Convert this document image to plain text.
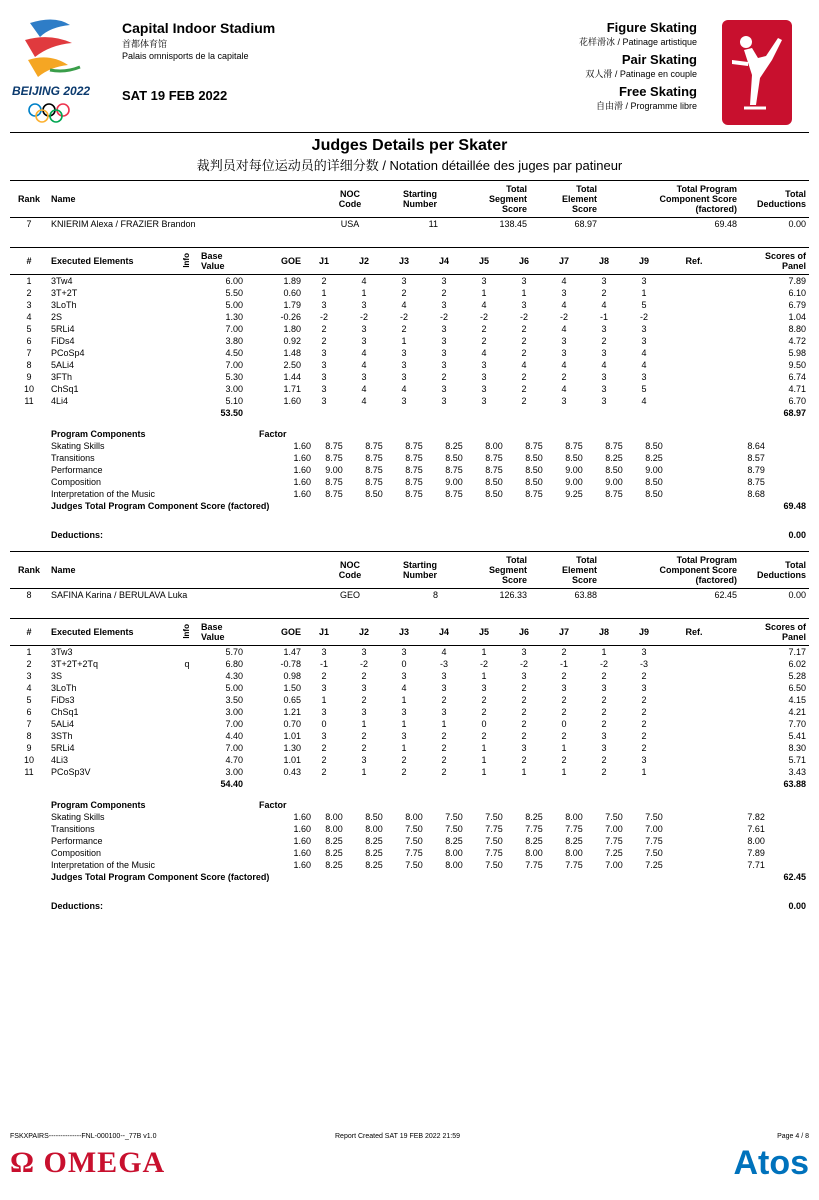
BEIJING 2022
Capital Indoor Stadium
首都体育馆
Palais omnisports de la capitale
SAT 19 FEB 2022
Figure Skating
花样滑冰 / Patinage artistique
Pair Skating
双人滑 / Patinage en couple
Free Skating
自由滑 / Programme libre
Judges Details per Skater
裁判员对每位运动员的详细分数 / Notation détaillée des juges par patineur
Rank	Name	NOC
Code	Starting
Number	Total
Segment
Score	Total
Element
Score	Total Program
Component Score
(factored)	Total
Deductions
7	KNIERIM Alexa / FRAZIER Brandon	USA	11	138.45	68.97	69.48	0.00
#	Executed Elements	Info	Base
Value	GOE	J1	J2	J3	J4	J5	J6	J7	J8	J9	Ref.	Scores of
Panel
1	3Tw4		6.00	1.89	2	4	3	3	3	3	4	3	3		7.89
2	3T+2T		5.50	0.60	1	1	2	2	1	1	3	2	1		6.10
3	3LoTh		5.00	1.79	3	3	4	3	4	3	4	4	5		6.79
4	2S		1.30	-0.26	-2	-2	-2	-2	-2	-2	-2	-1	-2		1.04
5	5RLi4		7.00	1.80	2	3	2	3	2	2	4	3	3		8.80
6	FiDs4		3.80	0.92	2	3	1	3	2	2	3	2	3		4.72
7	PCoSp4		4.50	1.48	3	4	3	3	4	2	3	3	4		5.98
8	5ALi4		7.00	2.50	3	4	3	3	3	4	4	4	4		9.50
9	3FTh		5.30	1.44	3	3	3	2	3	2	2	3	3		6.74
10	ChSq1		3.00	1.71	3	4	4	3	3	2	4	3	5		4.71
11	4Li4		5.10	1.60	3	4	3	3	3	2	3	3	4		6.70
			53.50												68.97
	Program Components	Factor												
	Skating Skills	1.60	8.75	8.75	8.75	8.25	8.00	8.75	8.75	8.75	8.50		8.64	
	Transitions	1.60	8.75	8.75	8.75	8.50	8.75	8.50	8.50	8.25	8.25		8.57	
	Performance	1.60	9.00	8.75	8.75	8.75	8.75	8.50	9.00	8.50	9.00		8.79	
	Composition	1.60	8.75	8.75	8.75	9.00	8.50	8.50	9.00	9.00	8.50		8.75	
	Interpretation of the Music	1.60	8.75	8.50	8.75	8.75	8.50	8.75	9.25	8.75	8.50		8.68	
	Judges Total Program Component Score (factored)													69.48
	Deductions:	0.00
Rank	Name	NOC
Code	Starting
Number	Total
Segment
Score	Total
Element
Score	Total Program
Component Score
(factored)	Total
Deductions
8	SAFINA Karina / BERULAVA Luka	GEO	8	126.33	63.88	62.45	0.00
#	Executed Elements	Info	Base
Value	GOE	J1	J2	J3	J4	J5	J6	J7	J8	J9	Ref.	Scores of
Panel
1	3Tw3		5.70	1.47	3	3	3	4	1	3	2	1	3		7.17
2	3T+2T+2Tq	q	6.80	-0.78	-1	-2	0	-3	-2	-2	-1	-2	-3		6.02
3	3S		4.30	0.98	2	2	3	3	1	3	2	2	2		5.28
4	3LoTh		5.00	1.50	3	3	4	3	3	2	3	3	3		6.50
5	FiDs3		3.50	0.65	1	2	1	2	2	2	2	2	2		4.15
6	ChSq1		3.00	1.21	3	3	3	3	2	2	2	2	2		4.21
7	5ALi4		7.00	0.70	0	1	1	1	0	2	0	2	2		7.70
8	3STh		4.40	1.01	3	2	3	2	2	2	2	3	2		5.41
9	5RLi4		7.00	1.30	2	2	1	2	1	3	1	3	2		8.30
10	4Li3		4.70	1.01	2	3	2	2	1	2	2	2	3		5.71
11	PCoSp3V		3.00	0.43	2	1	2	2	1	1	1	2	1		3.43
			54.40												63.88
	Program Components	Factor												
	Skating Skills	1.60	8.00	8.50	8.00	7.50	7.50	8.25	8.00	7.50	7.50		7.82	
	Transitions	1.60	8.00	8.00	7.50	7.50	7.75	7.75	7.75	7.00	7.00		7.61	
	Performance	1.60	8.25	8.25	7.50	8.25	7.50	8.25	8.25	7.75	7.75		8.00	
	Composition	1.60	8.25	8.25	7.75	8.00	7.75	8.00	8.00	7.25	7.50		7.89	
	Interpretation of the Music	1.60	8.25	8.25	7.50	8.00	7.50	7.75	7.75	7.00	7.25		7.71	
	Judges Total Program Component Score (factored)													62.45
	Deductions:	0.00
FSKXPAIRS--------------FNL-000100--_77B v1.0	Report Created SAT 19 FEB 2022 21:59	Page 4 / 8
Ω OMEGA	Atos
